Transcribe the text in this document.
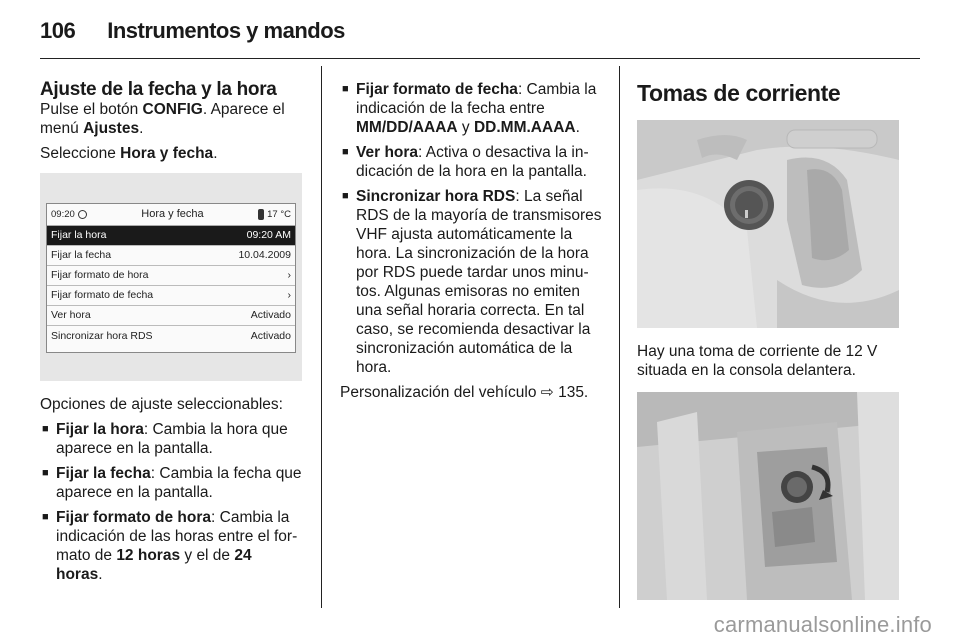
106 Instrumentos y mandos
Ajuste de la fecha y la hora

Pulse el botón CONFIG. Aparece el menú Ajustes.

Seleccione Hora y fecha.

09:20	Hora y fecha	17 °C
Fijar la hora	09:20 AM
Fijar la fecha	10.04.2009
Fijar formato de hora	›
Fijar formato de fecha	›
Ver hora	Activado
Sincronizar hora RDS	Activado

Opciones de ajuste seleccionables:

■ Fijar la hora: Cambia la hora que aparece en la pantalla.
■ Fijar la fecha: Cambia la fecha que aparece en la pantalla.
■ Fijar formato de hora: Cambia la indicación de las horas entre el formato de 12 horas y el de 24 horas.
■ Fijar formato de fecha: Cambia la indicación de la fecha entre MM/DD/AAAA y DD.MM.AAAA.
■ Ver hora: Activa o desactiva la indicación de la hora en la pantalla.
■ Sincronizar hora RDS: La señal RDS de la mayoría de transmisores VHF ajusta automáticamente la hora. La sincronización de la hora por RDS puede tardar unos minutos. Algunas emisoras no emiten una señal horaria correcta. En tal caso, se recomienda desactivar la sincronización automática de la hora.

Personalización del vehículo ⇨ 135.

Tomas de corriente

Hay una toma de corriente de 12 V situada en la consola delantera.

carmanualsonline.info
